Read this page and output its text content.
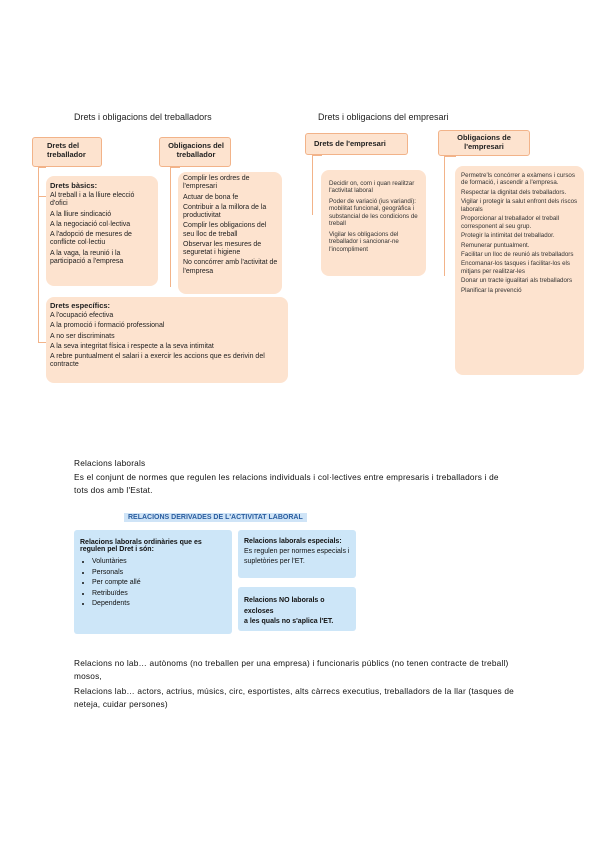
Drets i obligacions del treballadors	Drets i obligacions del empresari
Drets del treballador
Obligacions del treballador
Drets bàsics:
Al treball i a la lliure elecció d'ofici
A la lliure sindicació
A la negociació col·lectiva
A l'adopció de mesures de conflicte col·lectiu
A la vaga, la reunió i la participació a l'empresa
Complir les ordres de l'empresari
Actuar de bona fe
Contribuir a la millora de la productivitat
Complir les obligacions del seu lloc de treball
Observar les mesures de seguretat i higiene
No concórrer amb l'activitat de l'empresa
Drets específics:
A l'ocupació efectiva
A la promoció i formació professional
A no ser discriminats
A la seva integritat física i respecte a la seva intimitat
A rebre puntualment el salari i a exercir les accions que es derivin del contracte
Drets de l'empresari
Obligacions de l'empresari
Decidir on, com i quan realitzar l'activitat laboral
Poder de variació (ius variandi): mobilitat funcional, geogràfica i substancial de les condicions de treball
Vigilar les obligacions del treballador i sancionar-ne l'incompliment
Permetre'ls concórrer a exàmens i cursos de formació, i ascendir a l'empresa.
Respectar la dignitat dels treballadors.
Vigilar i protegir la salut enfront dels riscos laborals
Proporcionar al treballador el treball corresponent al seu grup.
Protegir la intimitat del treballador.
Remunerar puntualment.
Facilitar un lloc de reunió als treballadors
Encomanar-los tasques i facilitar-los els mitjans per realitzar-les
Donar un tracte igualitari als treballadors
Planificar la prevenció
Relacions laborals
Es el conjunt de normes que regulen les relacions individuals i col·lectives entre empresaris i treballadors i de tots dos amb l'Estat.
RELACIONS DERIVADES DE L'ACTIVITAT LABORAL
Relacions laborals ordinàries que es regulen pel Dret i són:
• Voluntàries
• Personals
• Per compte allé
• Retribuïdes
• Dependents
Relacions laborals especials:
Es regulen per normes especials i supletòries per l'ET.
Relacions NO laborals o excloses
a les quals no s'aplica l'ET.
Relacions no lab… autònoms (no treballen per una empresa) i funcionaris públics (no tenen contracte de treball) mosos,
Relacions lab… actors, actrius, músics, circ, esportistes, alts càrrecs executius, treballadors de la llar (tasques de neteja, cuidar persones)
